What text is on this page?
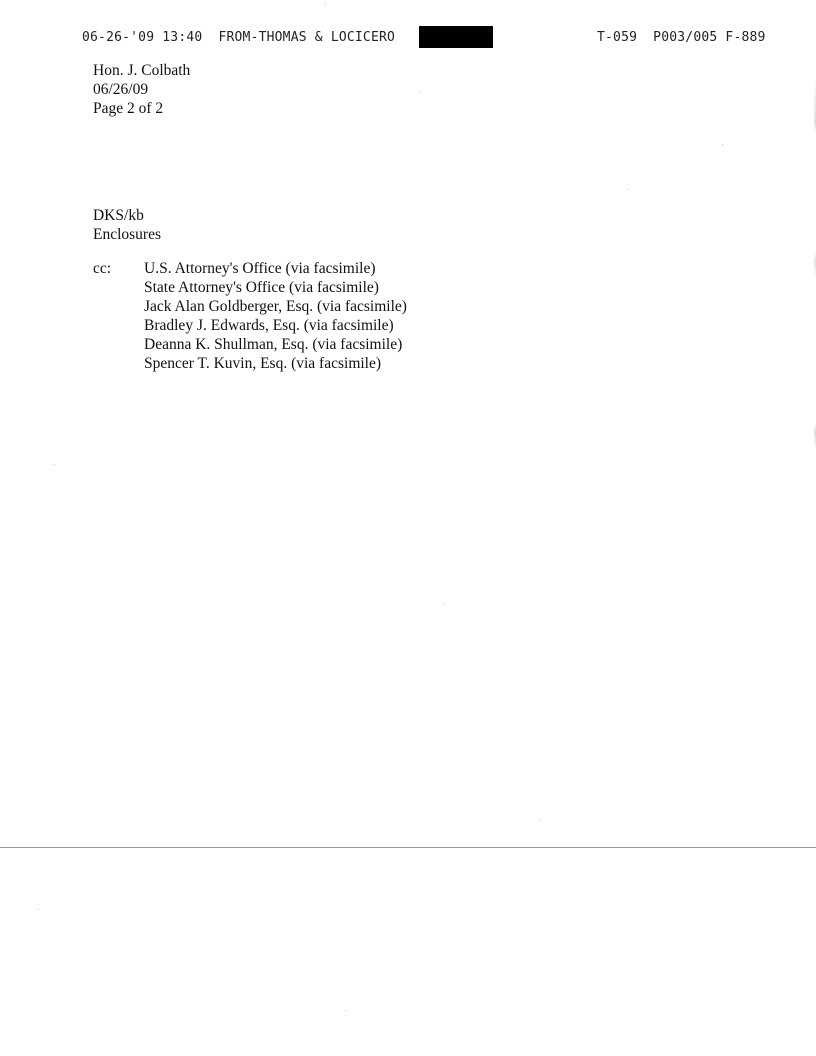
06-26-'09 13:40  FROM-THOMAS & LOCICERO	T-059  P003/005 F-889
Hon. J. Colbath
06/26/09
Page 2 of 2
DKS/kb
Enclosures
cc: U.S. Attorney's Office (via facsimile)
State Attorney's Office (via facsimile)
Jack Alan Goldberger, Esq. (via facsimile)
Bradley J. Edwards, Esq. (via facsimile)
Deanna K. Shullman, Esq. (via facsimile)
Spencer T. Kuvin, Esq. (via facsimile)
